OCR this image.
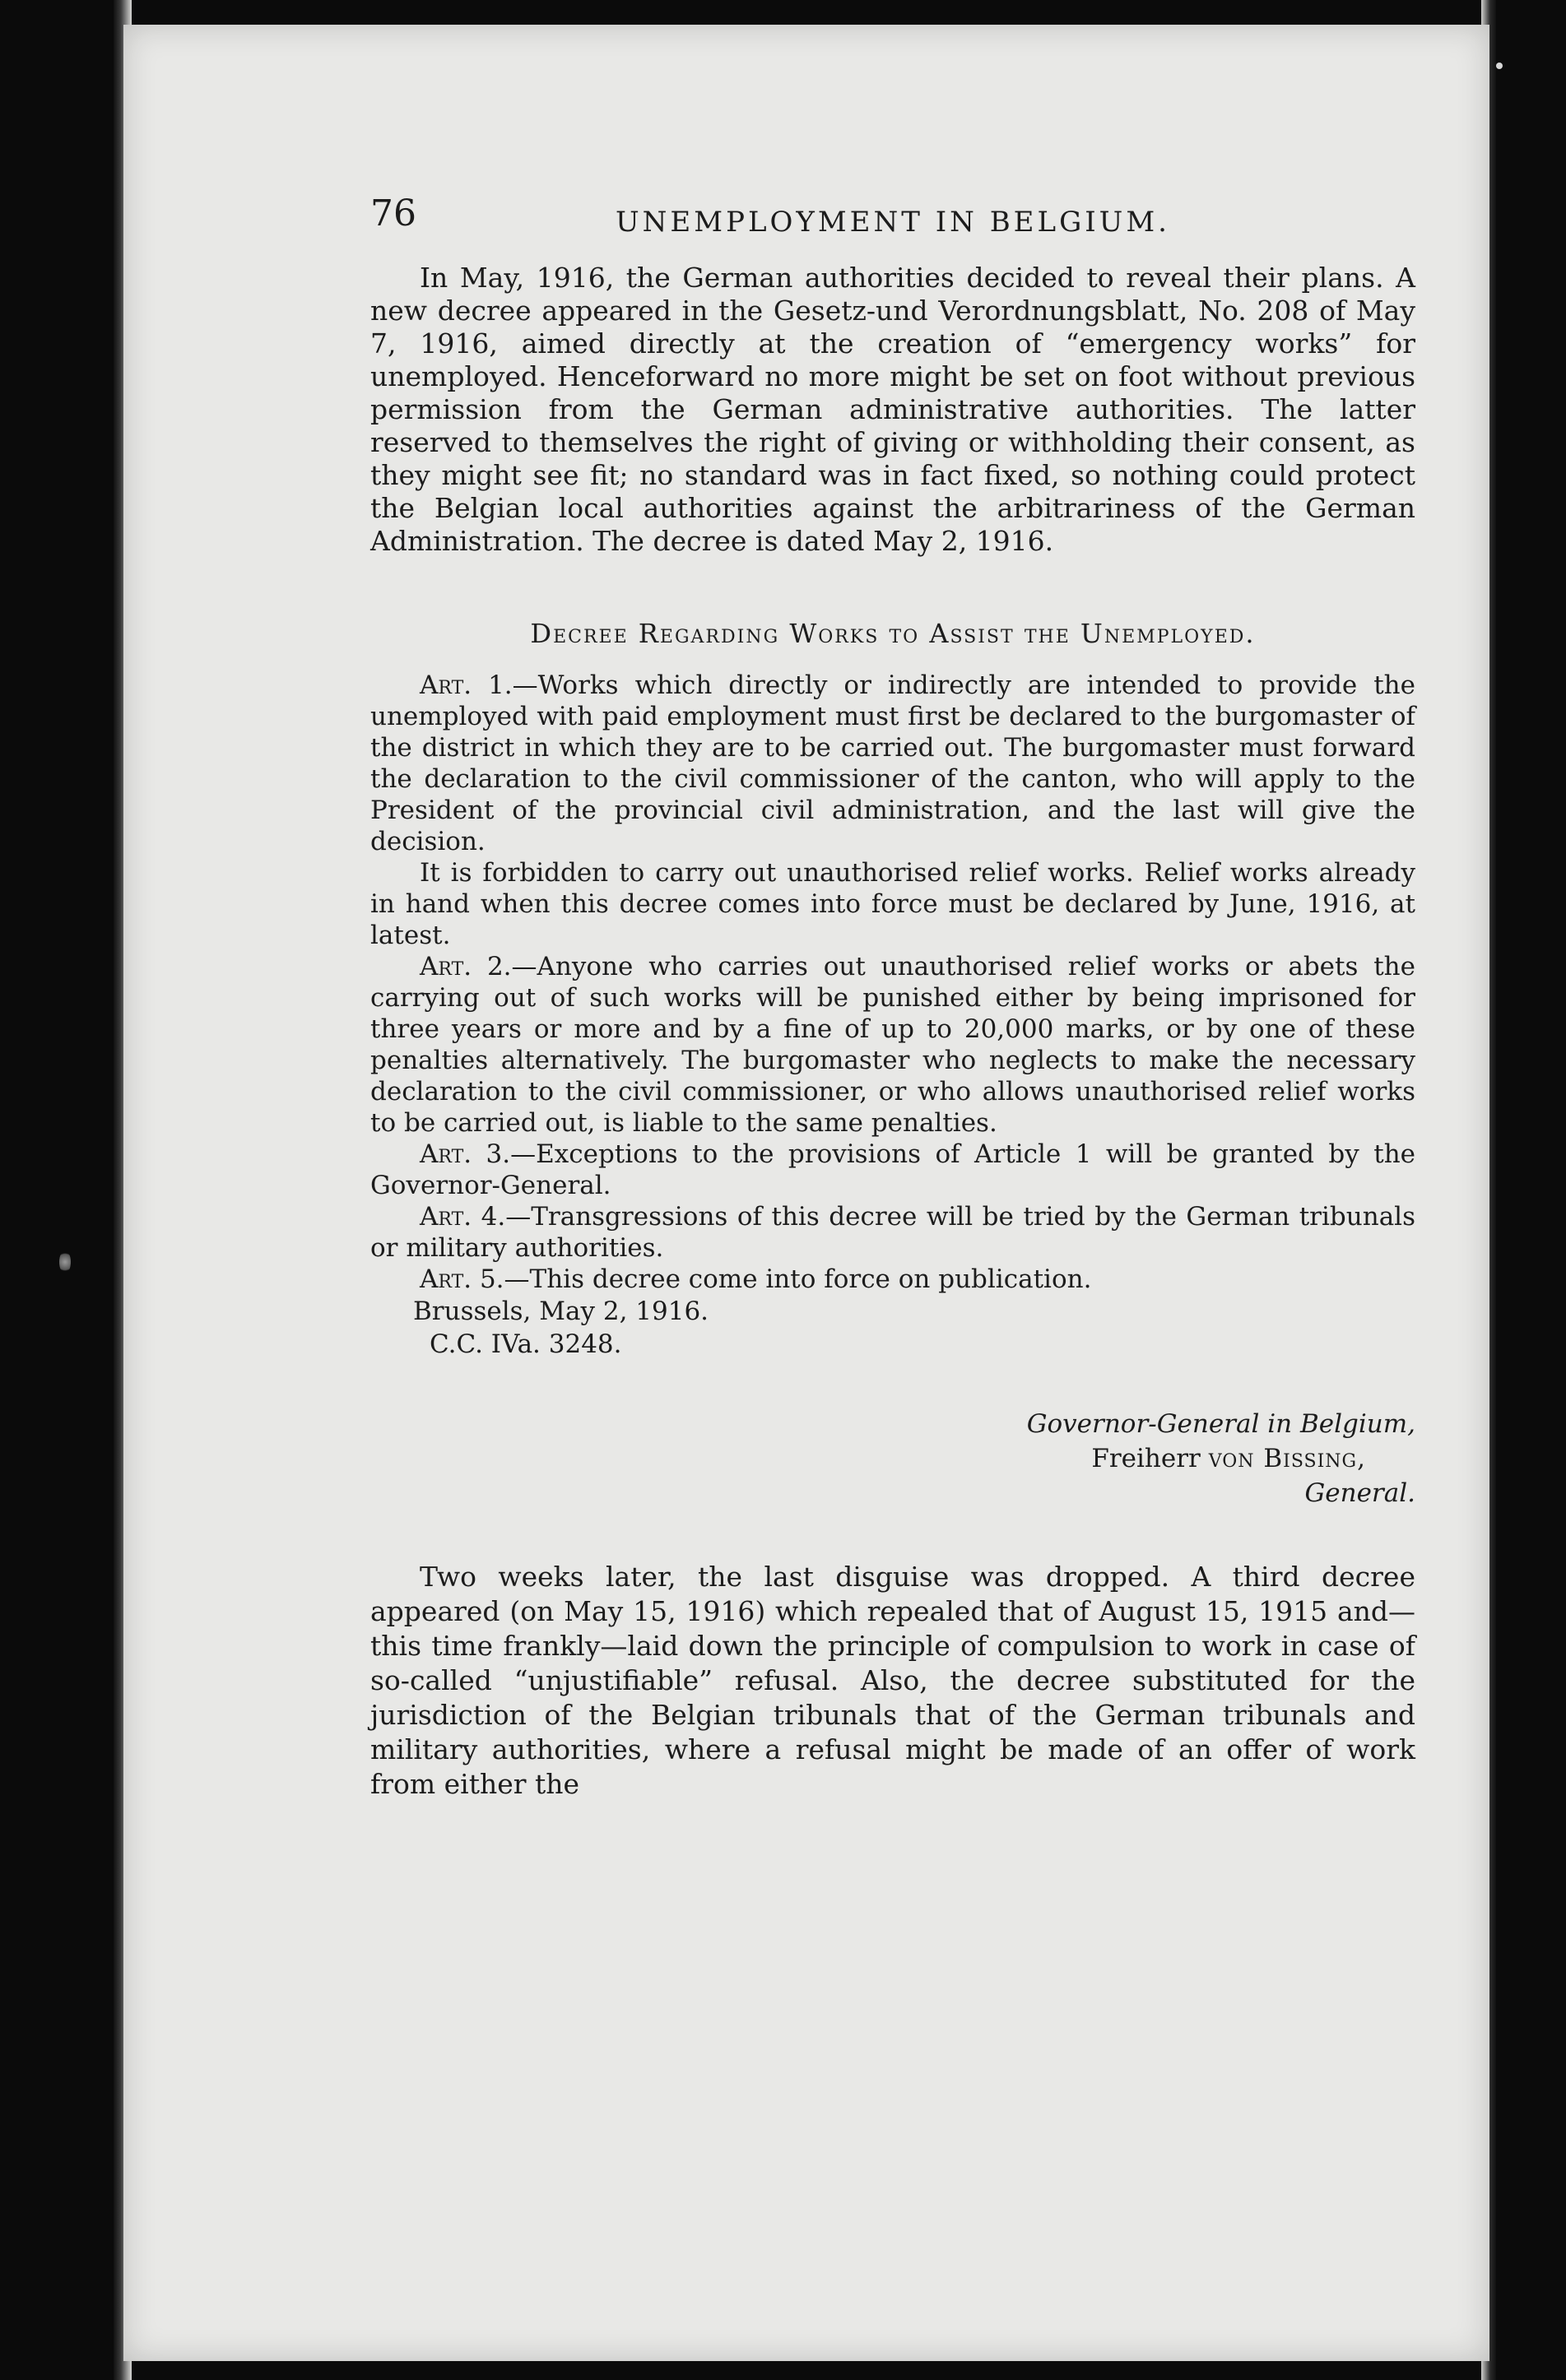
76	UNEMPLOYMENT IN BELGIUM.

In May, 1916, the German authorities decided to reveal their plans. A new decree appeared in the Gesetz-und Verordnungsblatt, No. 208 of May 7, 1916, aimed directly at the creation of “emergency works” for unemployed. Henceforward no more might be set on foot without previous permission from the German administrative authorities. The latter reserved to themselves the right of giving or withholding their consent, as they might see fit; no standard was in fact fixed, so nothing could protect the Belgian local authorities against the arbitrariness of the German Administration. The decree is dated May 2, 1916.

Decree Regarding Works to Assist the Unemployed.

Art. 1.—Works which directly or indirectly are intended to provide the unemployed with paid employment must first be declared to the burgomaster of the district in which they are to be carried out. The burgomaster must forward the declaration to the civil commissioner of the canton, who will apply to the President of the provincial civil administration, and the last will give the decision.

It is forbidden to carry out unauthorised relief works. Relief works already in hand when this decree comes into force must be declared by June, 1916, at latest.

Art. 2.—Anyone who carries out unauthorised relief works or abets the carrying out of such works will be punished either by being imprisoned for three years or more and by a fine of up to 20,000 marks, or by one of these penalties alternatively. The burgomaster who neglects to make the necessary declaration to the civil commissioner, or who allows unauthorised relief works to be carried out, is liable to the same penalties.

Art. 3.—Exceptions to the provisions of Article 1 will be granted by the Governor-General.

Art. 4.—Transgressions of this decree will be tried by the German tribunals or military authorities.

Art. 5.—This decree come into force on publication.

Brussels, May 2, 1916.

C.C. IVa. 3248.

Governor-General in Belgium,
Freiherr von Bissing,
General.

Two weeks later, the last disguise was dropped. A third decree appeared (on May 15, 1916) which repealed that of August 15, 1915 and—this time frankly—laid down the principle of compulsion to work in case of so-called “unjustifiable” refusal. Also, the decree substituted for the jurisdiction of the Belgian tribunals that of the German tribunals and military authorities, where a refusal might be made of an offer of work from either the
